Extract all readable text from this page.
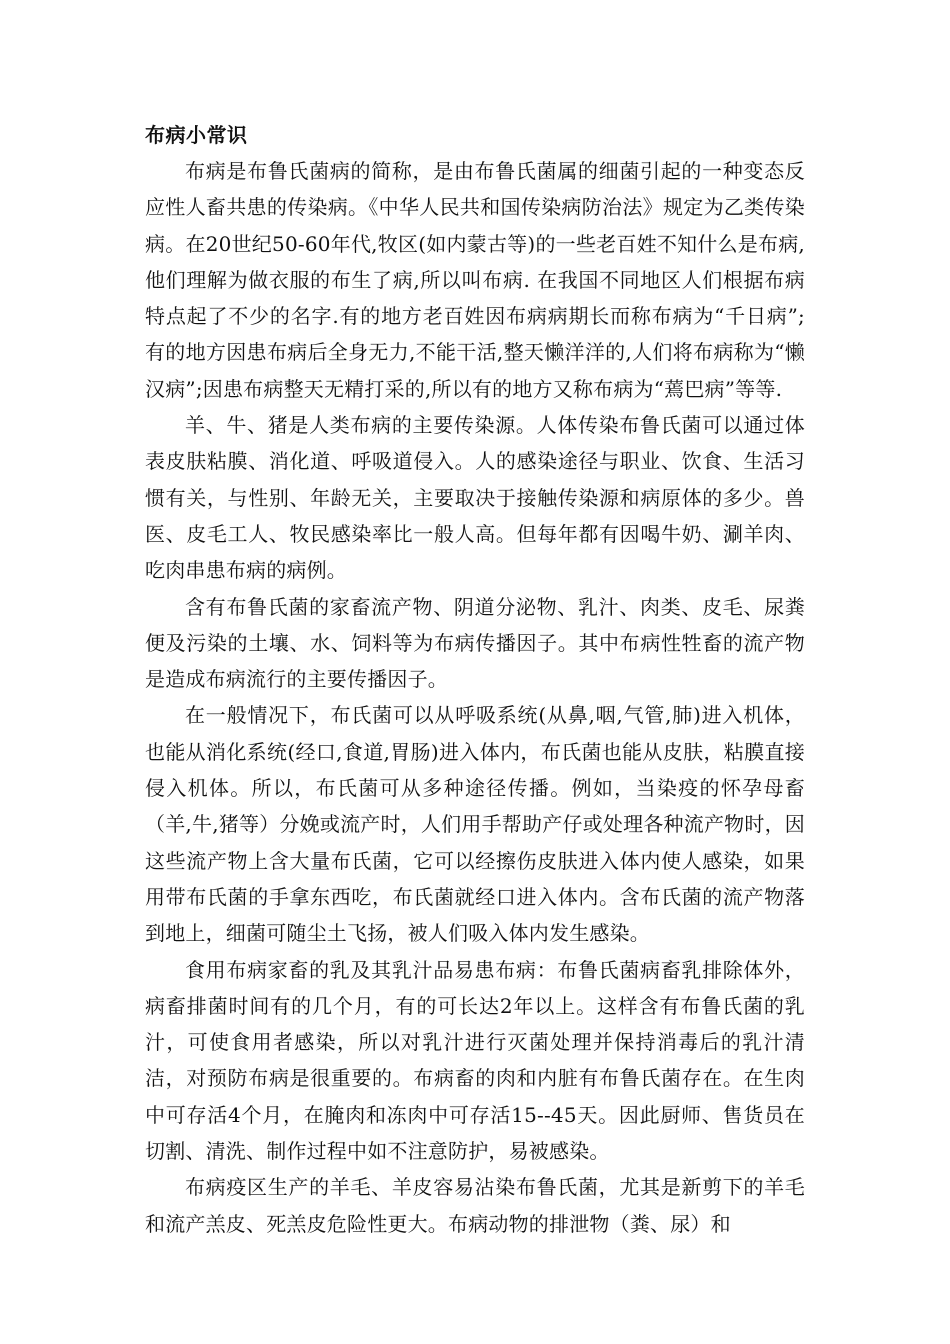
布病小常识

布病是布鲁氏菌病的简称，是由布鲁氏菌属的细菌引起的一种变态反应性人畜共患的传染病。《中华人民共和国传染病防治法》规定为乙类传染病。在20世纪50-60年代,牧区(如内蒙古等)的一些老百姓不知什么是布病,他们理解为做衣服的布生了病,所以叫布病. 在我国不同地区人们根据布病特点起了不少的名字.有的地方老百姓因布病病期长而称布病为“千日病”;有的地方因患布病后全身无力,不能干活,整天懒洋洋的,人们将布病称为“懒汉病”;因患布病整天无精打采的,所以有的地方又称布病为“蔫巴病”等等.

羊、牛、猪是人类布病的主要传染源。人体传染布鲁氏菌可以通过体表皮肤粘膜、消化道、呼吸道侵入。人的感染途径与职业、饮食、生活习惯有关，与性别、年龄无关，主要取决于接触传染源和病原体的多少。兽医、皮毛工人、牧民感染率比一般人高。但每年都有因喝牛奶、涮羊肉、吃肉串患布病的病例。

含有布鲁氏菌的家畜流产物、阴道分泌物、乳汁、肉类、皮毛、尿粪便及污染的土壤、水、饲料等为布病传播因子。其中布病性牲畜的流产物是造成布病流行的主要传播因子。

在一般情况下，布氏菌可以从呼吸系统(从鼻,咽,气管,肺)进入机体，也能从消化系统(经口,食道,胃肠)进入体内，布氏菌也能从皮肤，粘膜直接侵入机体。所以，布氏菌可从多种途径传播。例如，当染疫的怀孕母畜（羊,牛,猪等）分娩或流产时，人们用手帮助产仔或处理各种流产物时，因这些流产物上含大量布氏菌，它可以经擦伤皮肤进入体内使人感染，如果用带布氏菌的手拿东西吃，布氏菌就经口进入体内。含布氏菌的流产物落到地上，细菌可随尘土飞扬，被人们吸入体内发生感染。

食用布病家畜的乳及其乳汁品易患布病：布鲁氏菌病畜乳排除体外，病畜排菌时间有的几个月，有的可长达2年以上。这样含有布鲁氏菌的乳汁，可使食用者感染，所以对乳汁进行灭菌处理并保持消毒后的乳汁清洁，对预防布病是很重要的。布病畜的肉和内脏有布鲁氏菌存在。在生肉中可存活4个月，在腌肉和冻肉中可存活15--45天。因此厨师、售货员在切割、清洗、制作过程中如不注意防护，易被感染。

布病疫区生产的羊毛、羊皮容易沾染布鲁氏菌，尤其是新剪下的羊毛和流产羔皮、死羔皮危险性更大。布病动物的排泄物（粪、尿）和
